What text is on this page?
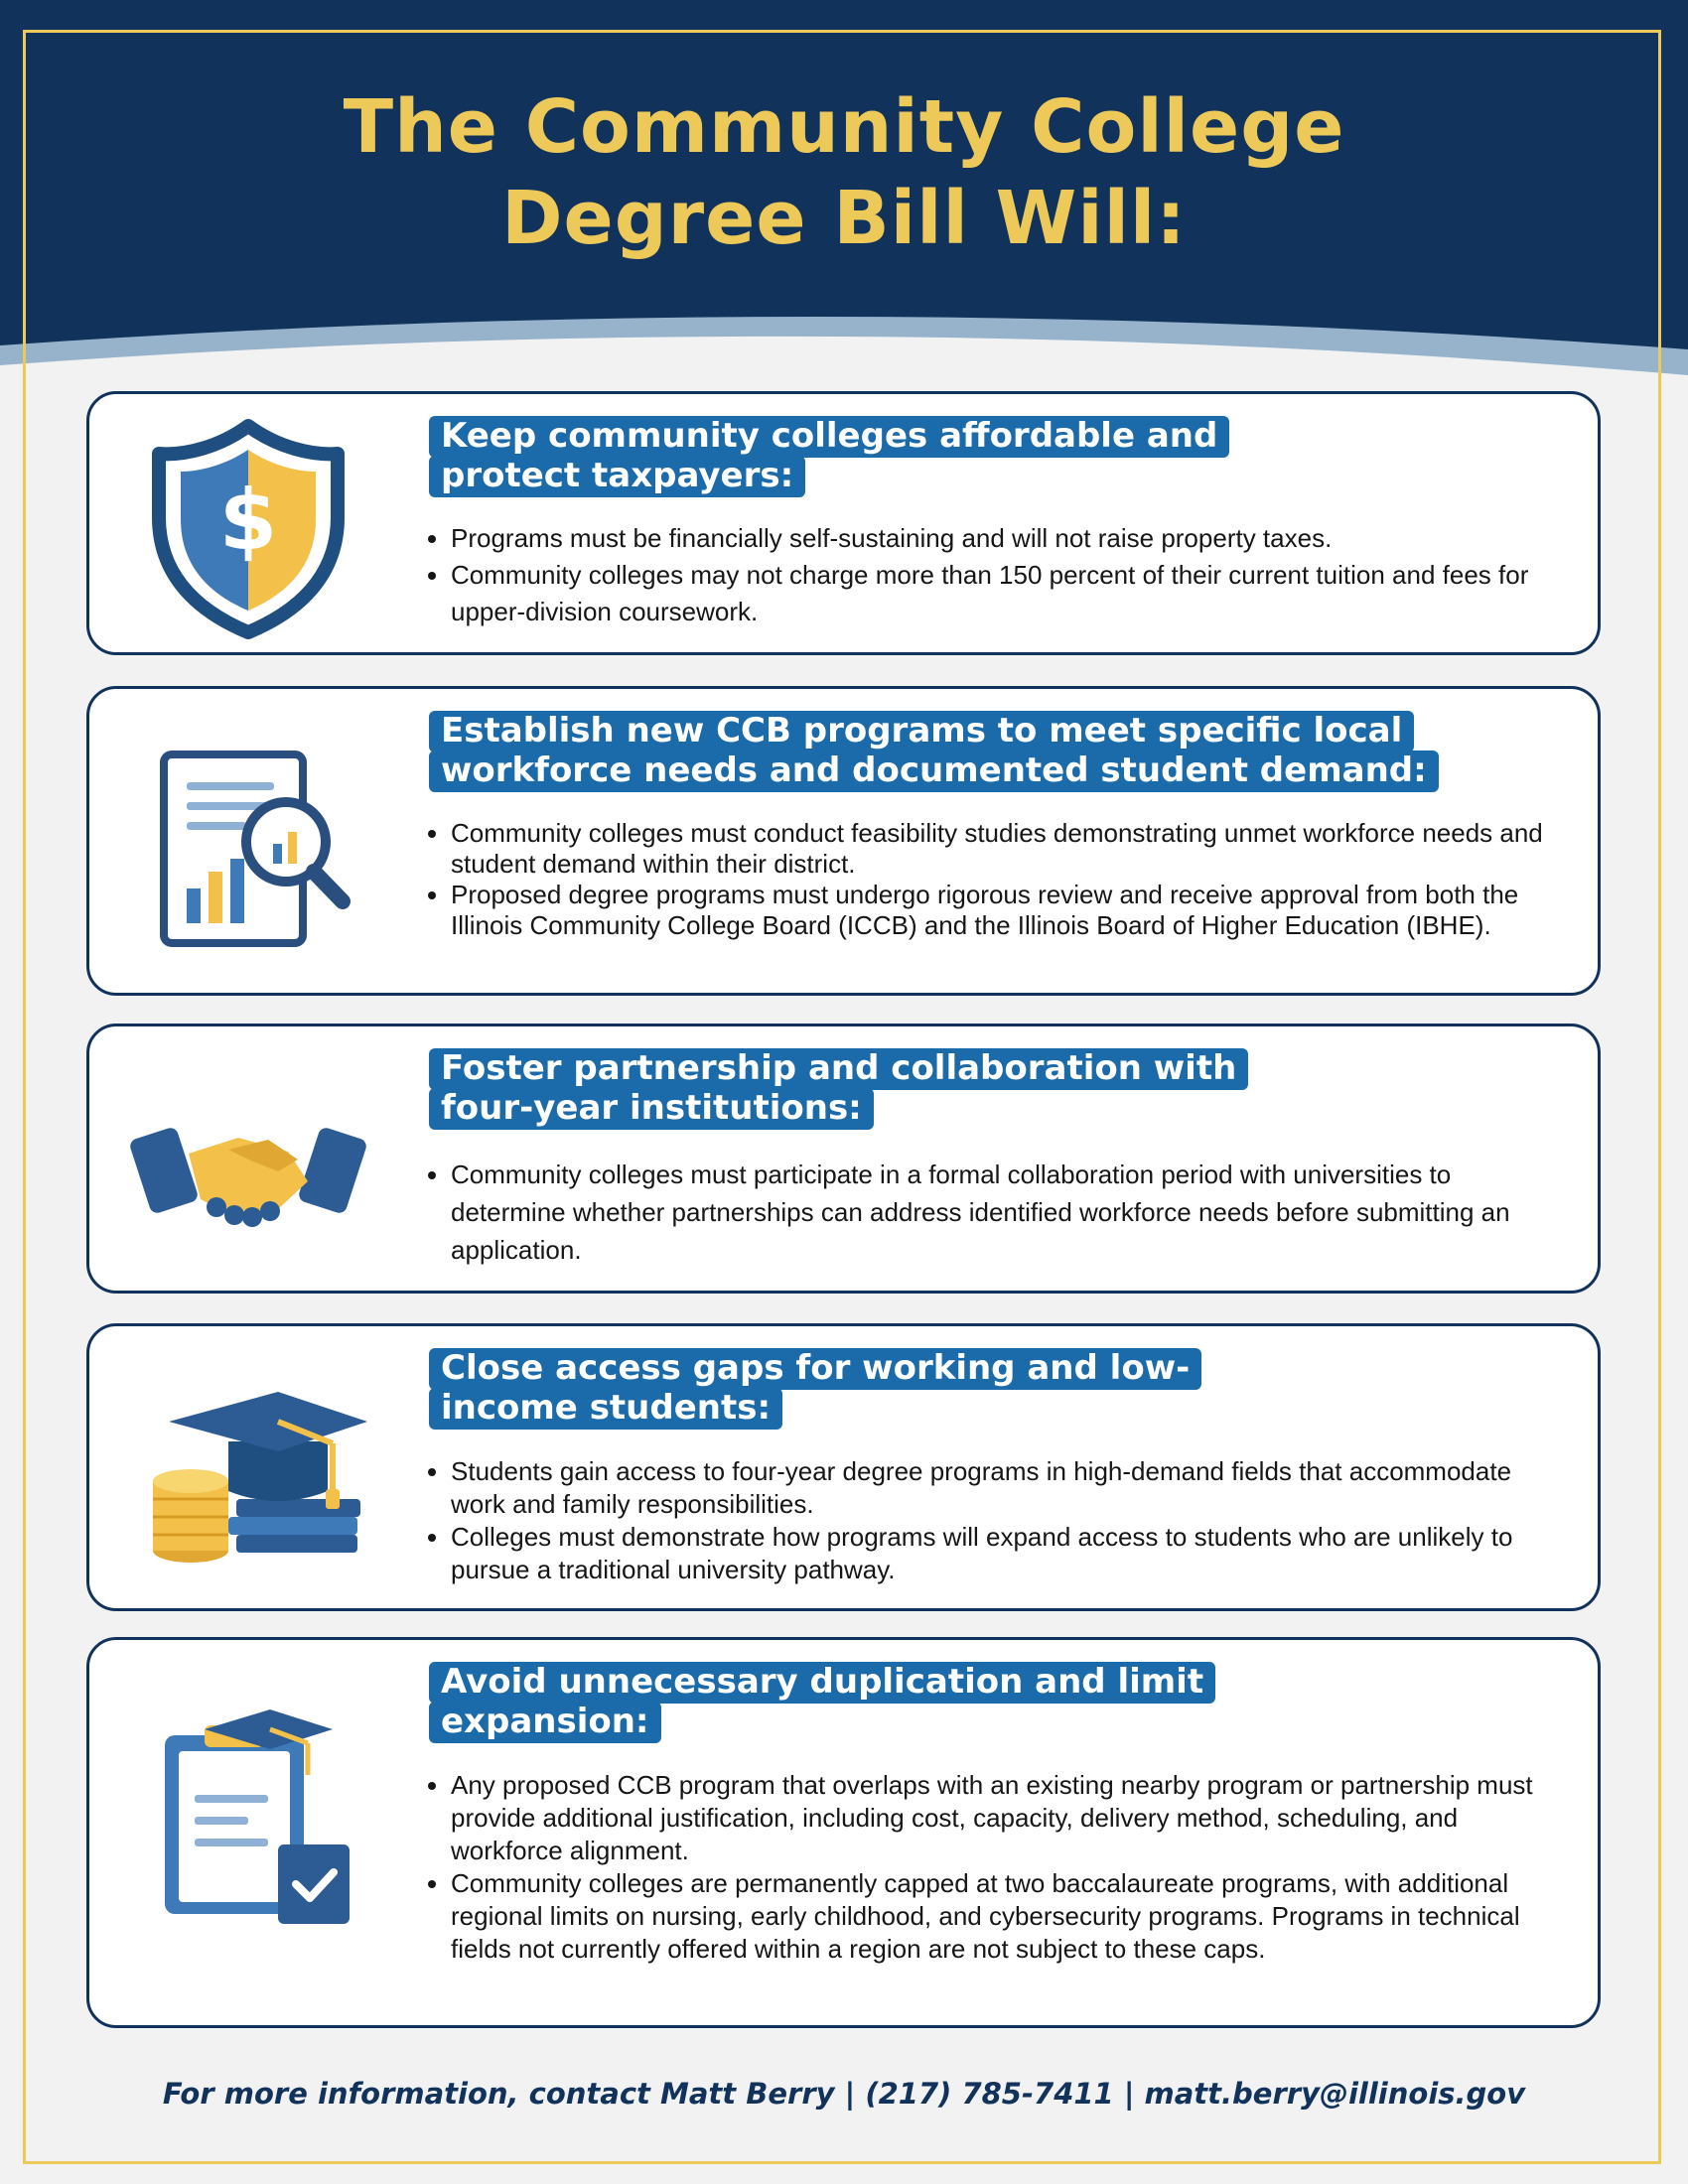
The Community College
Degree Bill Will:
$
Keep community colleges affordable and protect taxpayers:
• Programs must be financially self-sustaining and will not raise property taxes.
• Community colleges may not charge more than 150 percent of their current tuition and fees for upper-division coursework.
Establish new CCB programs to meet specific local workforce needs and documented student demand:
• Community colleges must conduct feasibility studies demonstrating unmet workforce needs and student demand within their district.
• Proposed degree programs must undergo rigorous review and receive approval from both the Illinois Community College Board (ICCB) and the Illinois Board of Higher Education (IBHE).
Foster partnership and collaboration with four-year institutions:
• Community colleges must participate in a formal collaboration period with universities to determine whether partnerships can address identified workforce needs before submitting an application.
Close access gaps for working and low-income students:
• Students gain access to four-year degree programs in high-demand fields that accommodate work and family responsibilities.
• Colleges must demonstrate how programs will expand access to students who are unlikely to pursue a traditional university pathway.
Avoid unnecessary duplication and limit expansion:
• Any proposed CCB program that overlaps with an existing nearby program or partnership must provide additional justification, including cost, capacity, delivery method, scheduling, and workforce alignment.
• Community colleges are permanently capped at two baccalaureate programs, with additional regional limits on nursing, early childhood, and cybersecurity programs. Programs in technical fields not currently offered within a region are not subject to these caps.
For more information, contact Matt Berry | (217) 785-7411 | matt.berry@illinois.gov
